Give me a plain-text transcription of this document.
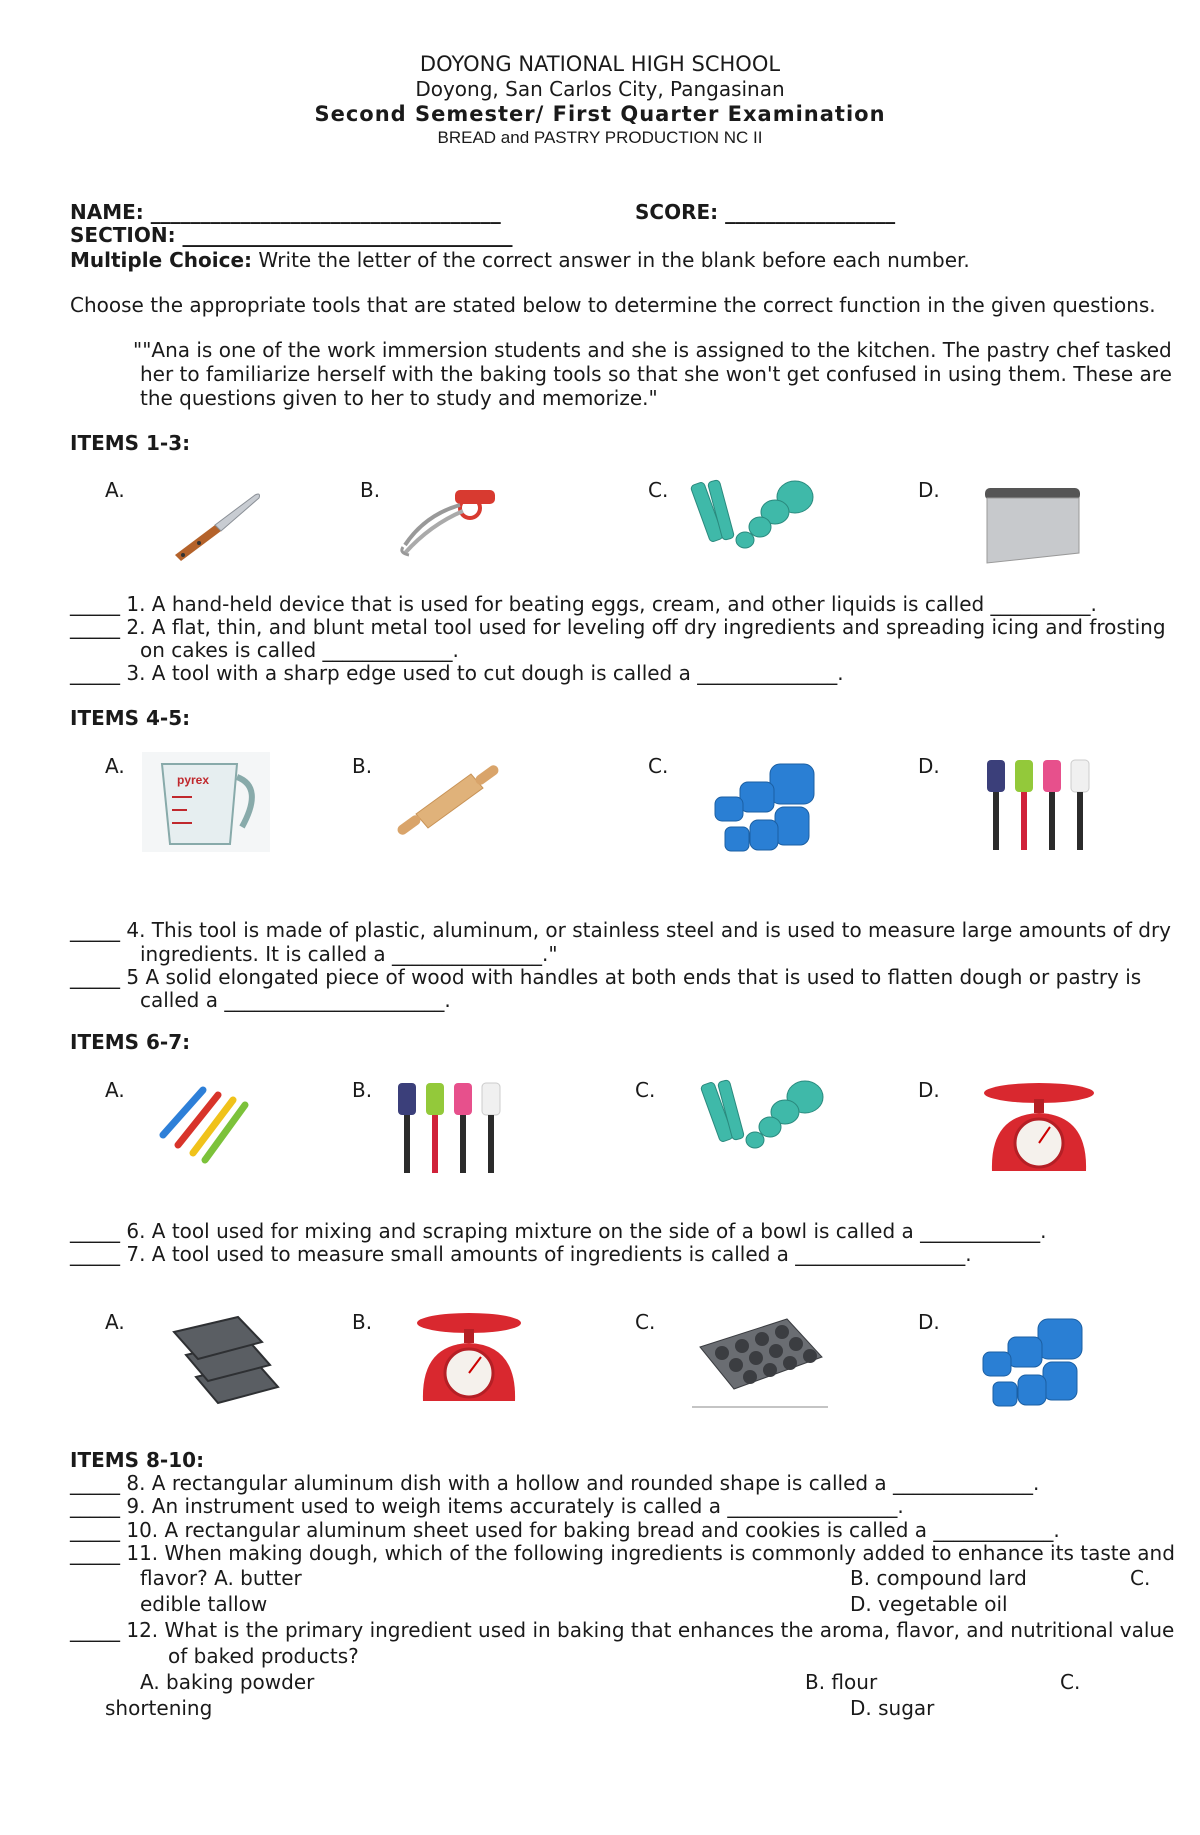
DOYONG NATIONAL HIGH SCHOOL
Doyong, San Carlos City, Pangasinan
Second Semester/ First Quarter Examination
BREAD and PASTRY PRODUCTION NC II
NAME: ___________________________________	SCORE: _________________
SECTION: _________________________________
Multiple Choice: Write the letter of the correct answer in the blank before each number.
Choose the appropriate tools that are stated below to determine the correct function in the given questions.
""Ana is one of the work immersion students and she is assigned to the kitchen. The pastry chef tasked
her to familiarize herself with the baking tools so that she won't get confused in using them. These are
the questions given to her to study and memorize."
ITEMS 1-3:
A.	B.	C.	D.
_____ 1. A hand-held device that is used for beating eggs, cream, and other liquids is called __________.
_____ 2. A flat, thin, and blunt metal tool used for leveling off dry ingredients and spreading icing and frosting
on cakes is called _____________.
_____ 3. A tool with a sharp edge used to cut dough is called a ______________.
ITEMS 4-5:
A.	B.	C.	D.
pyrex
_____ 4. This tool is made of plastic, aluminum, or stainless steel and is used to measure large amounts of dry
ingredients. It is called a _______________."
_____ 5 A solid elongated piece of wood with handles at both ends that is used to flatten dough or pastry is
called a ______________________.
ITEMS 6-7:
A.	B.	C.	D.
_____ 6. A tool used for mixing and scraping mixture on the side of a bowl is called a ____________.
_____ 7. A tool used to measure small amounts of ingredients is called a _________________.
A.	B.	C.	D.
ITEMS 8-10:
_____ 8. A rectangular aluminum dish with a hollow and rounded shape is called a ______________.
_____ 9. An instrument used to weigh items accurately is called a _________________.
_____ 10. A rectangular aluminum sheet used for baking bread and cookies is called a ____________.
_____ 11. When making dough, which of the following ingredients is commonly added to enhance its taste and
flavor? A. butter	B. compound lard	C.
edible tallow	D. vegetable oil
_____ 12. What is the primary ingredient used in baking that enhances the aroma, flavor, and nutritional value
of baked products?
A. baking powder	B. flour	C.
shortening	D. sugar
